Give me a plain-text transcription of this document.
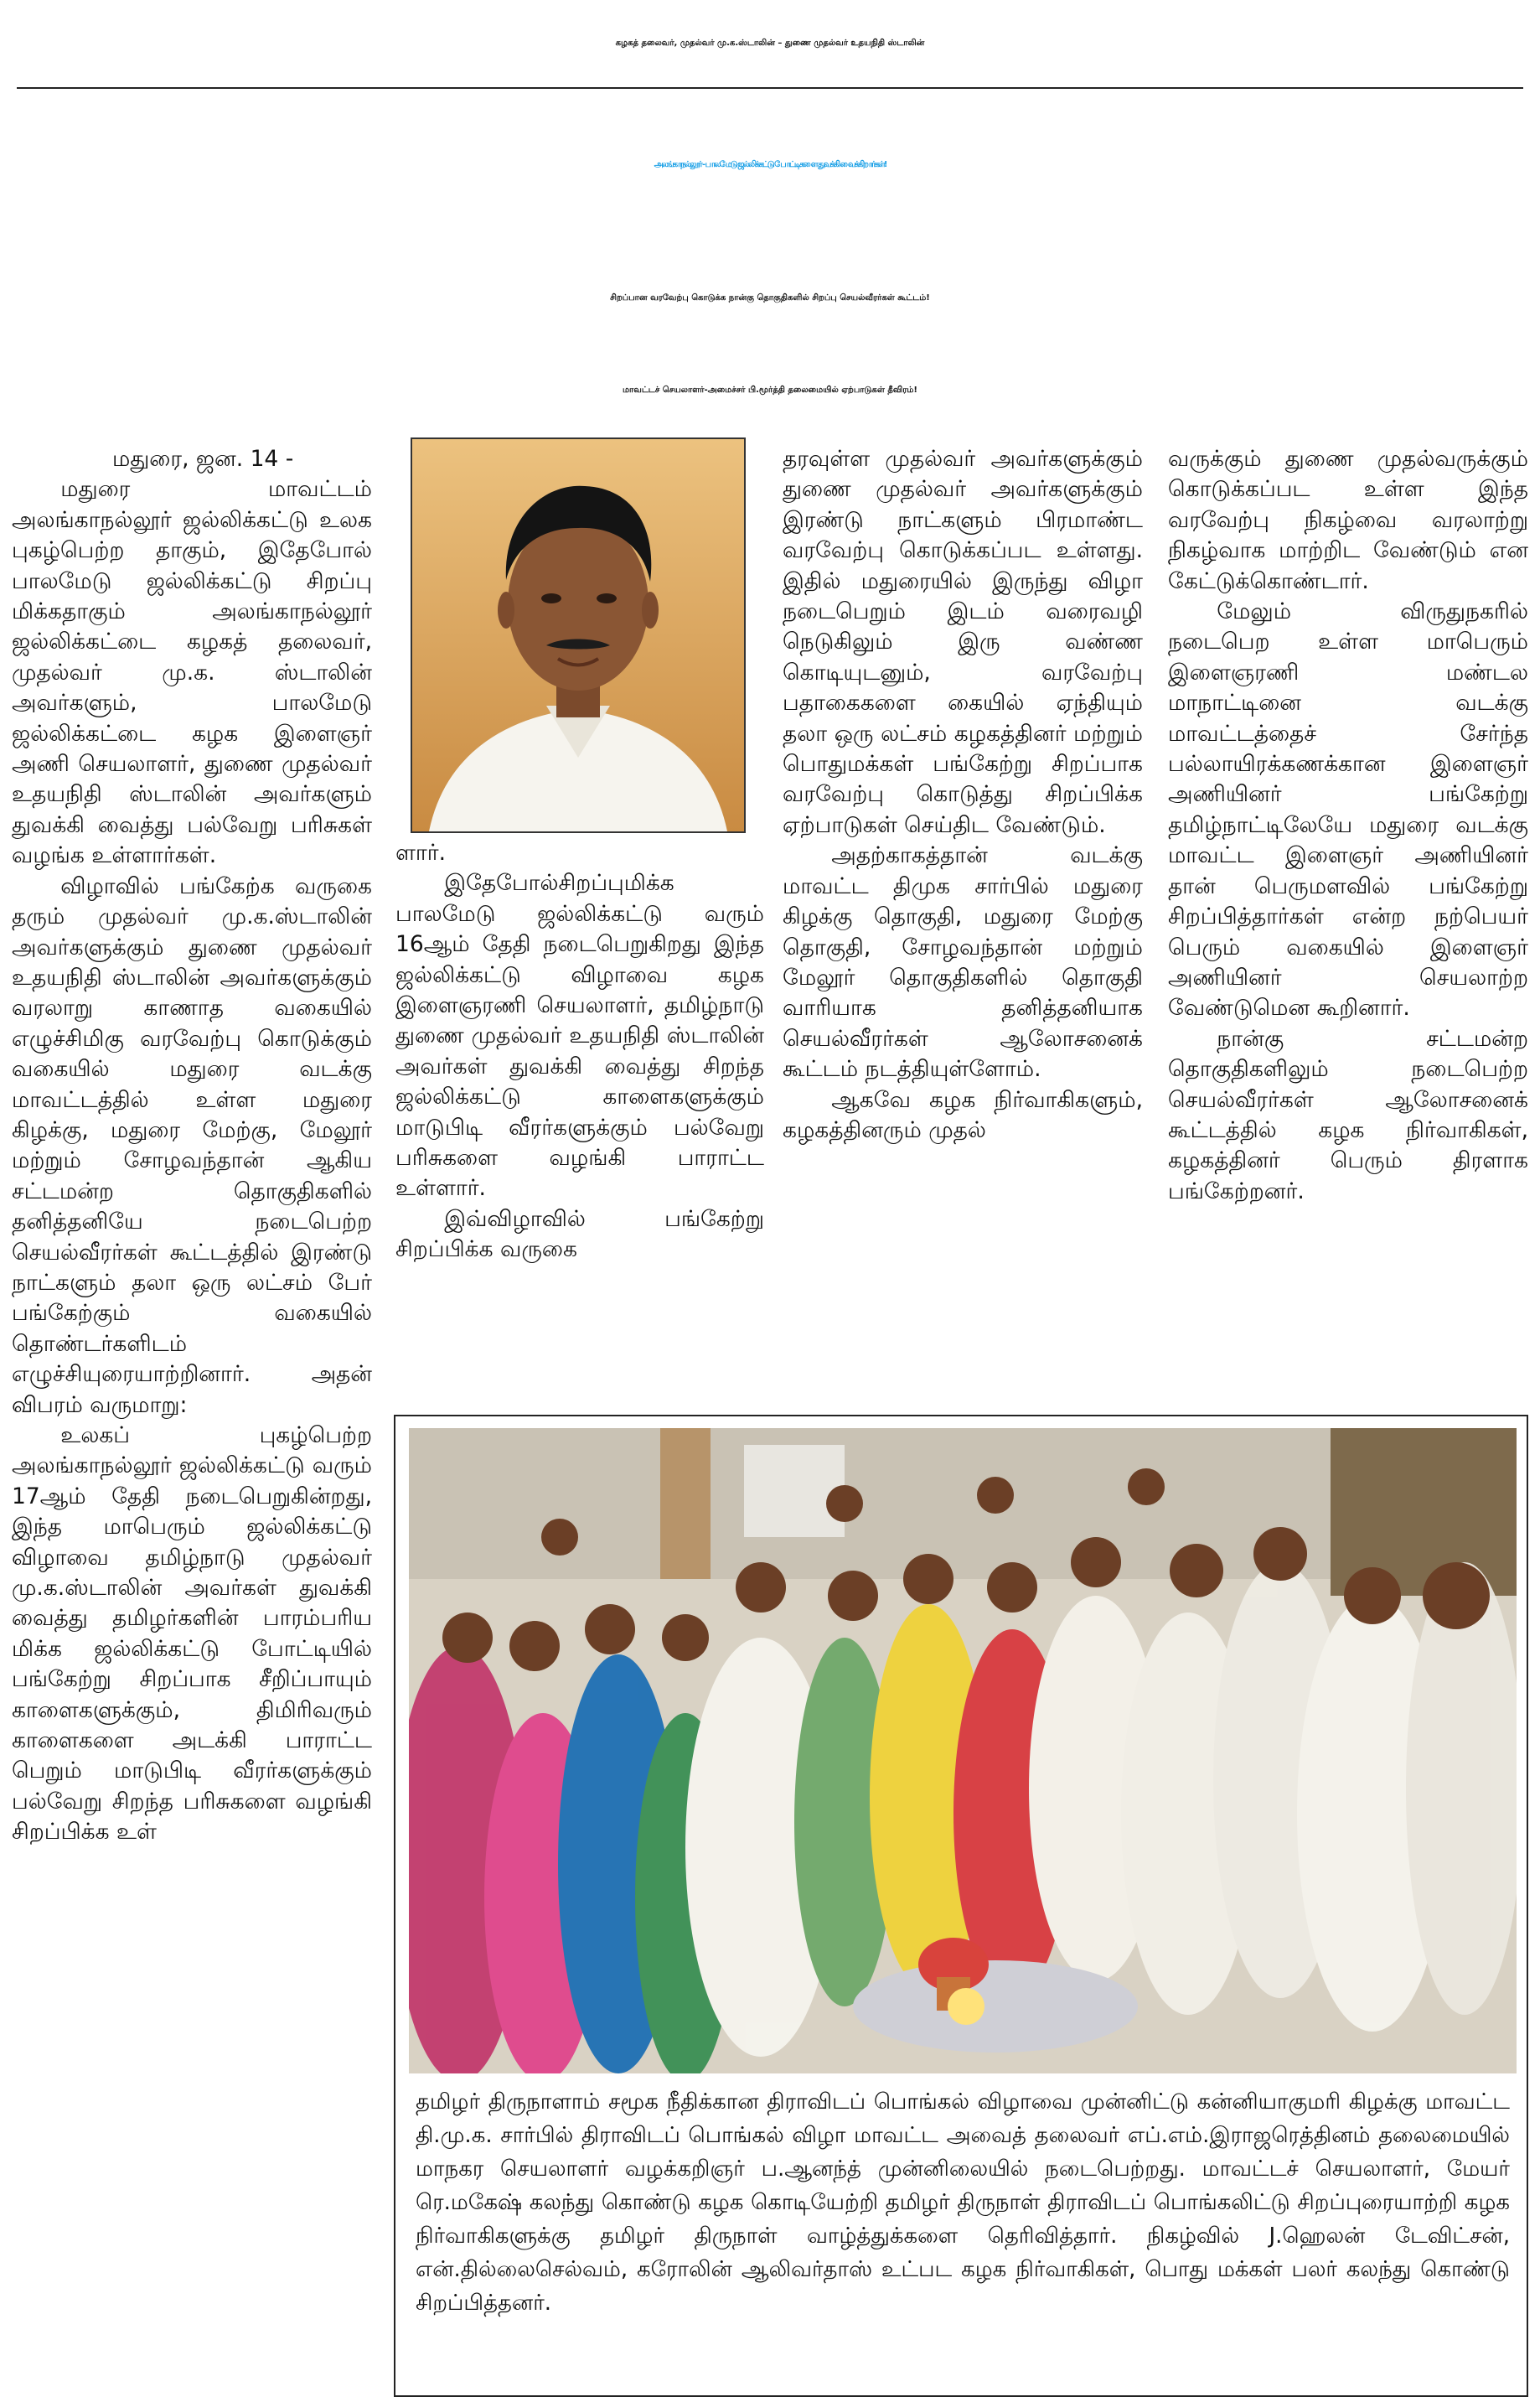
கழகத் தலைவர், முதல்வர் மு.க.ஸ்டாலின் – துணை முதல்வர் உதயநிதி ஸ்டாலின்
அலங்காநல்லூர் - பாலமேடு ஜல்லிக்கட்டு போட்டிகளை துவக்கி வைக்கிறார்கள்!
சிறப்பான வரவேற்பு கொடுக்க நான்கு தொகுதிகளில் சிறப்பு செயல்வீரர்கள் கூட்டம்!
மாவட்டச் செயலாளர்-அமைச்சர் பி.மூர்த்தி தலைமையில் ஏற்பாடுகள் தீவிரம்!

மதுரை, ஜன. 14 -

மதுரை மாவட்டம் அலங்காநல்லூர் ஜல்லிக்கட்டு உலக புகழ்பெற்ற தாகும், இதேபோல் பாலமேடு ஜல்லிக்கட்டு சிறப்பு மிக்கதாகும் அலங்காநல்லூர் ஜல்லிக்கட்டை கழகத் தலைவர், முதல்வர் மு.க. ஸ்டாலின் அவர்களும், பாலமேடு ஜல்லிக்கட்டை கழக இளைஞர் அணி செயலாளர், துணை முதல்வர் உதயநிதி ஸ்டாலின் அவர்களும் துவக்கி வைத்து பல்வேறு பரிசுகள் வழங்க உள்ளார்கள்.

விழாவில் பங்கேற்க வருகை தரும் முதல்வர் மு.க.ஸ்டாலின் அவர்களுக்கும் துணை முதல்வர் உதயநிதி ஸ்டாலின் அவர்களுக்கும் வரலாறு காணாத வகையில் எழுச்சிமிகு வரவேற்பு கொடுக்கும் வகையில் மதுரை வடக்கு மாவட்டத்தில் உள்ள மதுரை கிழக்கு, மதுரை மேற்கு, மேலூர் மற்றும் சோழவந்தான் ஆகிய சட்டமன்ற தொகுதிகளில் தனித்தனியே நடைபெற்ற செயல்வீரர்கள் கூட்டத்தில் இரண்டு நாட்களும் தலா ஒரு லட்சம் பேர் பங்கேற்கும் வகையில் தொண்டர்களிடம் எழுச்சியுரையாற்றினார். அதன் விபரம் வருமாறு:

உலகப் புகழ்பெற்ற அலங்காநல்லூர் ஜல்லிக்கட்டு வரும் 17ஆம் தேதி நடைபெறுகின்றது, இந்த மாபெரும் ஜல்லிக்கட்டு விழாவை தமிழ்நாடு முதல்வர் மு.க.ஸ்டாலின் அவர்கள் துவக்கி வைத்து தமிழர்களின் பாரம்பரிய மிக்க ஜல்லிக்கட்டு போட்டியில் பங்கேற்று சிறப்பாக சீறிப்பாயும் காளைகளுக்கும், திமிரிவரும் காளைகளை அடக்கி பாராட்ட பெறும் மாடுபிடி வீரர்களுக்கும் பல்வேறு சிறந்த பரிசுகளை வழங்கி சிறப்பிக்க உள்

ளார்.

இதேபோல்சிறப்புமிக்க பாலமேடு ஜல்லிக்கட்டு வரும் 16ஆம் தேதி நடைபெறுகிறது இந்த ஜல்லிக்கட்டு விழாவை கழக இளைஞரணி செயலாளர், தமிழ்நாடு துணை முதல்வர் உதயநிதி ஸ்டாலின் அவர்கள் துவக்கி வைத்து சிறந்த ஜல்லிக்கட்டு காளைகளுக்கும் மாடுபிடி வீரர்களுக்கும் பல்வேறு பரிசுகளை வழங்கி பாராட்ட உள்ளார்.

இவ்விழாவில் பங்கேற்று சிறப்பிக்க வருகை

தரவுள்ள முதல்வர் அவர்களுக்கும் துணை முதல்வர் அவர்களுக்கும் இரண்டு நாட்களும் பிரமாண்ட வரவேற்பு கொடுக்கப்பட உள்ளது. இதில் மதுரையில் இருந்து விழா நடைபெறும் இடம் வரைவழி நெடுகிலும் இரு வண்ண கொடியுடனும், வரவேற்பு பதாகைகளை கையில் ஏந்தியும் தலா ஒரு லட்சம் கழகத்தினர் மற்றும் பொதுமக்கள் பங்கேற்று சிறப்பாக வரவேற்பு கொடுத்து சிறப்பிக்க ஏற்பாடுகள் செய்திட வேண்டும்.

அதற்காகத்தான் வடக்கு மாவட்ட திமுக சார்பில் மதுரை கிழக்கு தொகுதி, மதுரை மேற்கு தொகுதி, சோழவந்தான் மற்றும் மேலூர் தொகுதிகளில் தொகுதி வாரியாக தனித்தனியாக செயல்வீரர்கள் ஆலோசனைக் கூட்டம் நடத்தியுள்ளோம்.

ஆகவே கழக நிர்வாகிகளும், கழகத்தினரும் முதல்

வருக்கும் துணை முதல்வருக்கும் கொடுக்கப்பட உள்ள இந்த வரவேற்பு நிகழ்வை வரலாற்று நிகழ்வாக மாற்றிட வேண்டும் என கேட்டுக்கொண்டார்.

மேலும் விருதுநகரில் நடைபெற உள்ள மாபெரும் இளைஞரணி மண்டல மாநாட்டினை வடக்கு மாவட்டத்தைச் சேர்ந்த பல்லாயிரக்கணக்கான இளைஞர் அணியினர் பங்கேற்று தமிழ்நாட்டிலேயே மதுரை வடக்கு மாவட்ட இளைஞர் அணியினர் தான் பெருமளவில் பங்கேற்று சிறப்பித்தார்கள் என்ற நற்பெயர் பெரும் வகையில் இளைஞர் அணியினர் செயலாற்ற வேண்டுமென கூறினார்.

நான்கு சட்டமன்ற தொகுதிகளிலும் நடைபெற்ற செயல்வீரர்கள் ஆலோசனைக் கூட்டத்தில் கழக நிர்வாகிகள், கழகத்தினர் பெரும் திரளாக பங்கேற்றனர்.

தமிழர் திருநாளாம் சமூக நீதிக்கான திராவிடப் பொங்கல் விழாவை முன்னிட்டு கன்னியாகுமரி கிழக்கு மாவட்ட தி.மு.க. சார்பில் திராவிடப் பொங்கல் விழா மாவட்ட அவைத் தலைவர் எப்.எம்.இராஜரெத்தினம் தலைமையில் மாநகர செயலாளர் வழக்கறிஞர் ப.ஆனந்த் முன்னிலையில் நடைபெற்றது. மாவட்டச் செயலாளர், மேயர் ரெ.மகேஷ் கலந்து கொண்டு கழக கொடியேற்றி தமிழர் திருநாள் திராவிடப் பொங்கலிட்டு சிறப்புரையாற்றி கழக நிர்வாகிகளுக்கு தமிழர் திருநாள் வாழ்த்துக்களை தெரிவித்தார். நிகழ்வில் J.ஹெலன் டேவிட்சன், என்.தில்லைசெல்வம், கரோலின் ஆலிவர்தாஸ் உட்பட கழக நிர்வாகிகள், பொது மக்கள் பலர் கலந்து கொண்டு சிறப்பித்தனர்.
